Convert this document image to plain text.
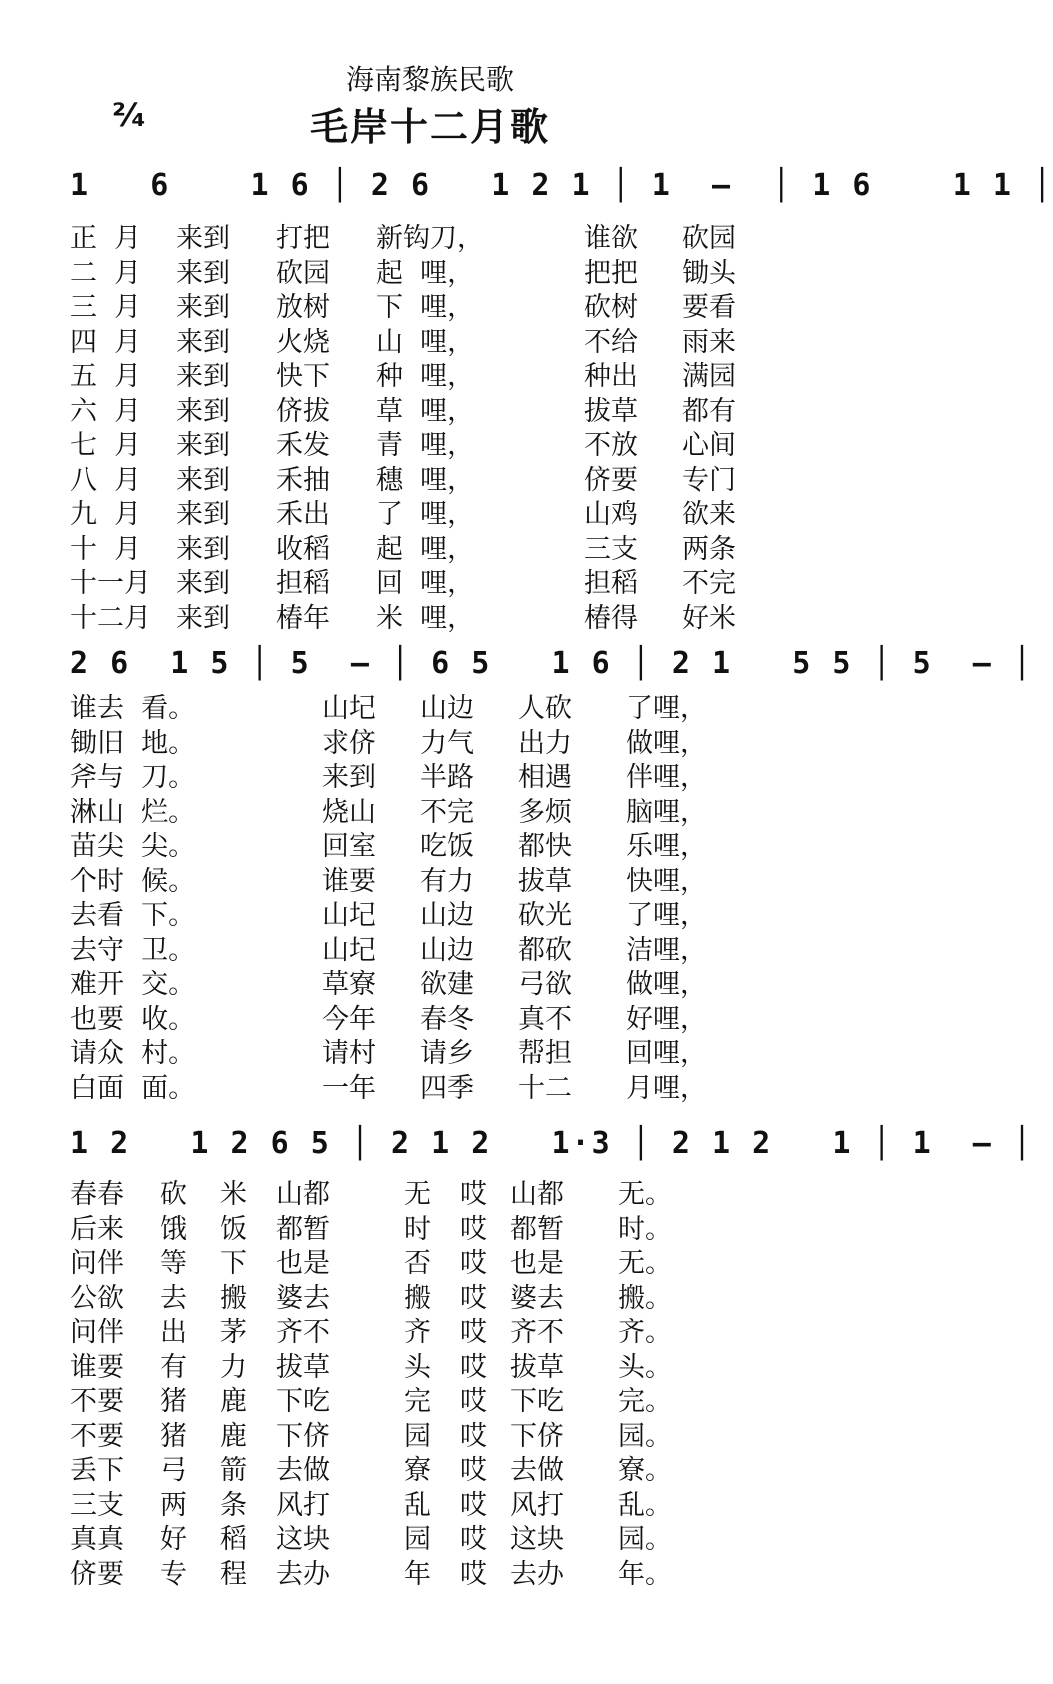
海南黎族民歌
²⁄₄	毛岸十二月歌

1   6    1 6 │ 2 6   1 2 1 │ 1  —  │ 1 6    1 1 │

正  月 来到 打把 新钩刀，	谁欲 砍园
二  月 来到 砍园 起  哩，	把把 锄头
三  月 来到 放树 下  哩，	砍树 要看
四  月 来到 火烧 山  哩，	不给 雨来
五  月 来到 快下 种  哩，	种出 满园
六  月 来到 侪拔 草  哩，	拔草 都有
七  月 来到 禾发 青  哩，	不放 心间
八  月 来到 禾抽 穗  哩，	侪要 专门
九  月 来到 禾出 了  哩，	山鸡 欲来
十  月 来到 收稻 起  哩，	三支 两条
十一月 来到 担稻 回  哩，	担稻 不完
十二月 来到 椿年 米  哩，	椿得 好米

2 6  1 5 │ 5  — │ 6 5   1 6 │ 2 1   5 5 │ 5  — │

谁去  看。	山圮 山边 人砍 了哩，
锄旧  地。	求侪 力气 出力 做哩，
斧与  刀。	来到 半路 相遇 伴哩，
淋山  烂。	烧山 不完 多烦 脑哩，
苗尖  尖。	回室 吃饭 都快 乐哩，
个时  候。	谁要 有力 拔草 快哩，
去看  下。	山圮 山边 砍光 了哩，
去守  卫。	山圮 山边 都砍 洁哩，
难开  交。	草寮 欲建 弓欲 做哩，
也要  收。	今年 春冬 真不 好哩，
请众  村。	请村 请乡 帮担 回哩，
白面  面。	一年 四季 十二 月哩，

1 2   1 2 6 5 │ 2 1 2   1·3 │ 2 1 2   1 │ 1  — │

春春 砍 米 山都	无 哎 山都 无。
后来 饿 饭 都暂	时 哎 都暂 时。
问伴 等 下 也是	否 哎 也是 无。
公欲 去 搬 婆去	搬 哎 婆去 搬。
问伴 出 茅 齐不	齐 哎 齐不 齐。
谁要 有 力 拔草	头 哎 拔草 头。
不要 猪 鹿 下吃	完 哎 下吃 完。
不要 猪 鹿 下侪	园 哎 下侪 园。
丢下 弓 箭 去做	寮 哎 去做 寮。
三支 两 条 风打	乱 哎 风打 乱。
真真 好 稻 这块	园 哎 这块 园。
侪要 专 程 去办	年 哎 去办 年。
